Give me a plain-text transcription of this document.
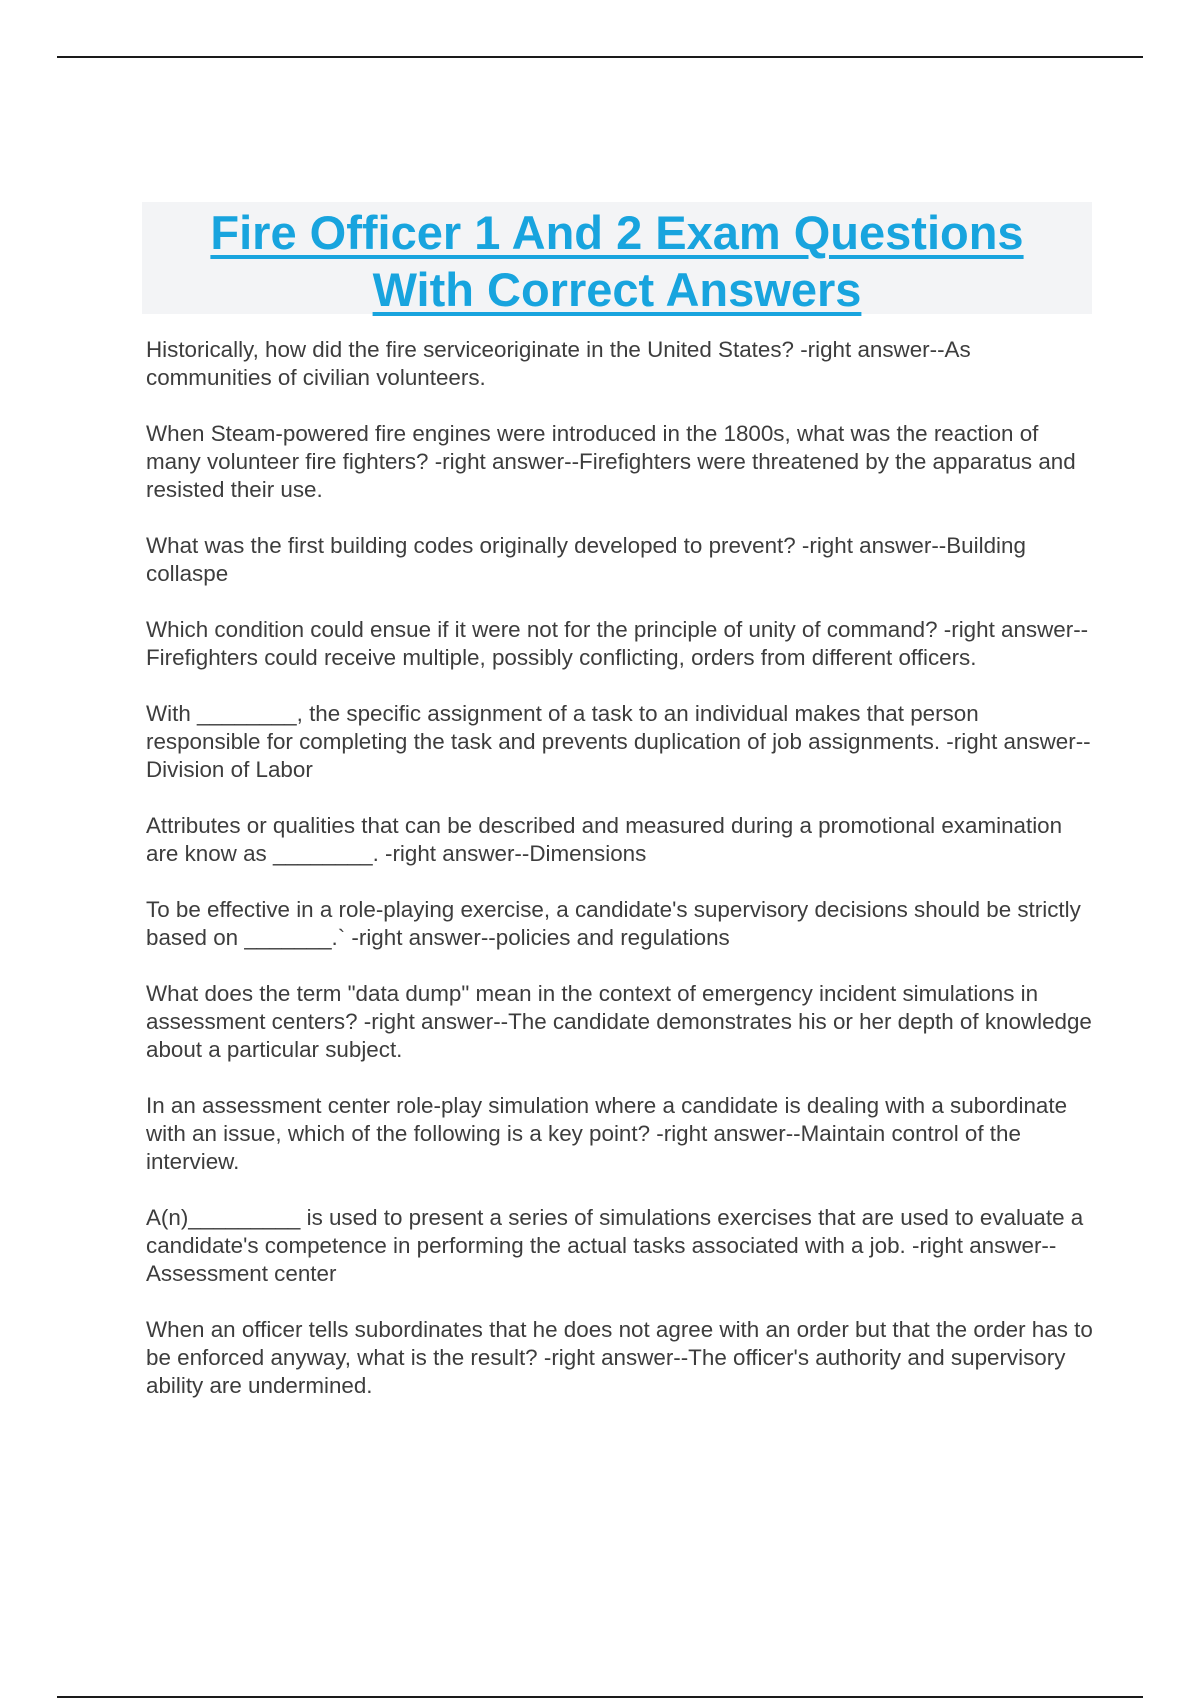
Fire Officer 1 And 2 Exam Questions
With Correct Answers

Historically, how did the fire serviceoriginate in the United States? -right answer--As communities of civilian volunteers.

When Steam-powered fire engines were introduced in the 1800s, what was the reaction of many volunteer fire fighters? -right answer--Firefighters were threatened by the apparatus and resisted their use.

What was the first building codes originally developed to prevent? -right answer--Building collaspe

Which condition could ensue if it were not for the principle of unity of command? -right answer--Firefighters could receive multiple, possibly conflicting, orders from different officers.

With ________, the specific assignment of a task to an individual makes that person responsible for completing the task and prevents duplication of job assignments. -right answer--Division of Labor

Attributes or qualities that can be described and measured during a promotional examination are know as ________. -right answer--Dimensions

To be effective in a role-playing exercise, a candidate's supervisory decisions should be strictly based on _______.` -right answer--policies and regulations

What does the term "data dump" mean in the context of emergency incident simulations in assessment centers? -right answer--The candidate demonstrates his or her depth of knowledge about a particular subject.

In an assessment center role-play simulation where a candidate is dealing with a subordinate with an issue, which of the following is a key point? -right answer--Maintain control of the interview.

A(n)_________ is used to present a series of simulations exercises that are used to evaluate a candidate's competence in performing the actual tasks associated with a job. -right answer--Assessment center

When an officer tells subordinates that he does not agree with an order but that the order has to be enforced anyway, what is the result? -right answer--The officer's authority and supervisory ability are undermined.
